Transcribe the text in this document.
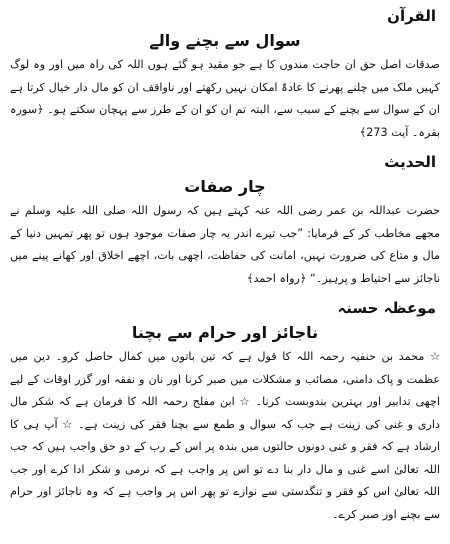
القرآن
سوال سے بچنے والے

صدقات اصل حق ان حاجت مندوں کا ہے جو مقید ہو گئے ہوں اللہ کی راہ میں اور وہ لوگ کہیں ملک میں چلنے پھرنے کا عادۃً امکان نہیں رکھتے اور ناواقف ان کو مال دار خیال کرتا ہے ان کے سوال سے بچنے کے سبب سے، البتہ تم ان کو ان کے طرز سے پہچان سکتے ہو۔ ﴿سورہ بقرہ۔ آیت 273﴾

الحدیث
چار صفات

حضرت عبداللہ بن عمر رضی اللہ عنہ کہتے ہیں کہ رسول اللہ صلی اللہ علیہ وسلم نے مجھے مخاطب کر کے فرمایا: ”جب تیرے اندر یہ چار صفات موجود ہوں تو پھر تمہیں دنیا کے مال و متاع کی ضرورت نہیں، امانت کی حفاظت، اچھی بات، اچھے اخلاق اور کھانے پینے میں ناجائز سے احتیاط و پرہیز۔“ ﴿رواہ احمد﴾

موعظہ حسنہ
ناجائز اور حرام سے بچنا

☆ محمد بن حنفیہ رحمہ اللہ کا قول ہے کہ تین باتوں میں کمال حاصل کرو۔ دین میں عظمت و پاک دامنی، مصائب و مشکلات میں صبر کرنا اور نان و نفقہ اور گزر اوقات کے لیے اچھی تدابیر اور بہترین بندوبست کرنا۔ ☆ ابن مفلح رحمہ اللہ کا فرمان ہے کہ شکر مال داری و غنی کی زینت ہے جب کہ سوال و طمع سے بچنا فقر کی زینت ہے۔ ☆ آپ ہی کا ارشاد ہے کہ فقر و غنی دونوں حالتوں میں بندہ پر اس کے رب کے دو حق واجب ہیں کہ جب اللہ تعالیٰ اسے غنی و مال دار بنا دے تو اس پر واجب ہے کہ نرمی و شکر ادا کرے اور جب اللہ تعالیٰ اس کو فقر و تنگدستی سے نوازے تو پھر اس پر واجب ہے کہ وہ ناجائز اور حرام سے بچنے اور صبر کرے۔
